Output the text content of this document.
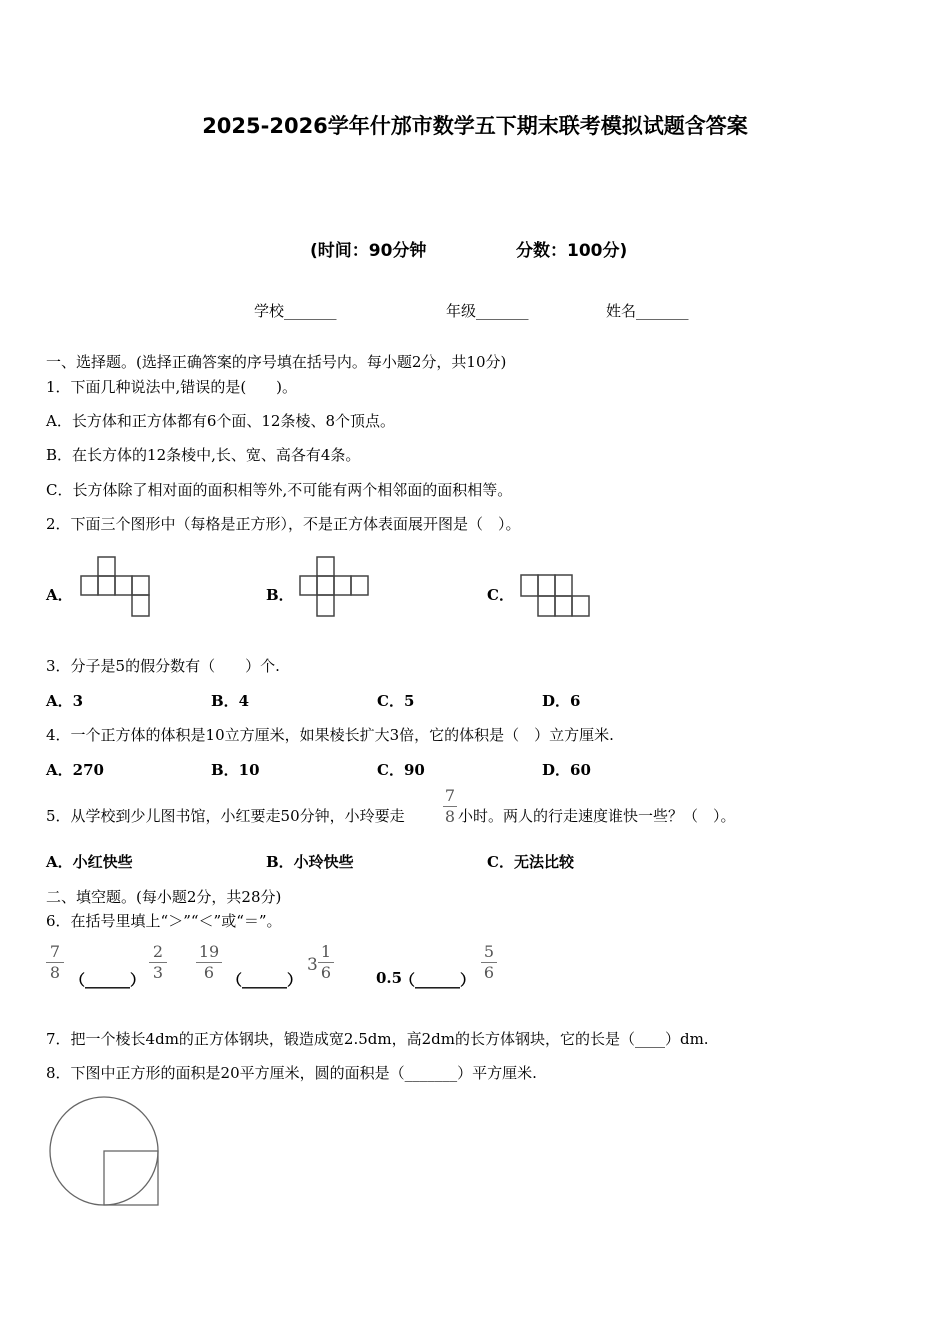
2025-2026学年什邡市数学五下期末联考模拟试题含答案
(时间：90分钟	分数：100分)
学校_______	年级_______	姓名_______
一、选择题。(选择正确答案的序号填在括号内。每小题2分，共10分)
1．下面几种说法中,错误的是(　　)。
A．长方体和正方体都有6个面、12条棱、8个顶点。
B．在长方体的12条棱中,长、宽、高各有4条。
C．长方体除了相对面的面积相等外,不可能有两个相邻面的面积相等。
2．下面三个图形中（每格是正方形），不是正方体表面展开图是（　）。
A．	B．	C．
3．分子是5的假分数有（　　）个.
A．3	B．4	C．5	D．6
4．一个正方体的体积是10立方厘米，如果棱长扩大3倍，它的体积是（　）立方厘米.
A．270	B．10	C．90	D．60
5．从学校到少儿图书馆，小红要走50分钟，小玲要走
7
8 小时。两人的行走速度谁快一些？（　）。
A．小红快些	B．小玲快些	C．无法比较
二、填空题。(每小题2分，共28分)
6．在括号里填上“＞”“＜”或“＝”。
7
8 （______）
2
3
19
6 （______）
3
1
6	0.5
（______）
5
6
7．把一个棱长4dm的正方体钢块，锻造成宽2.5dm，高2dm的长方体钢块，它的长是（____）dm.
8．下图中正方形的面积是20平方厘米，圆的面积是（_______）平方厘米.
